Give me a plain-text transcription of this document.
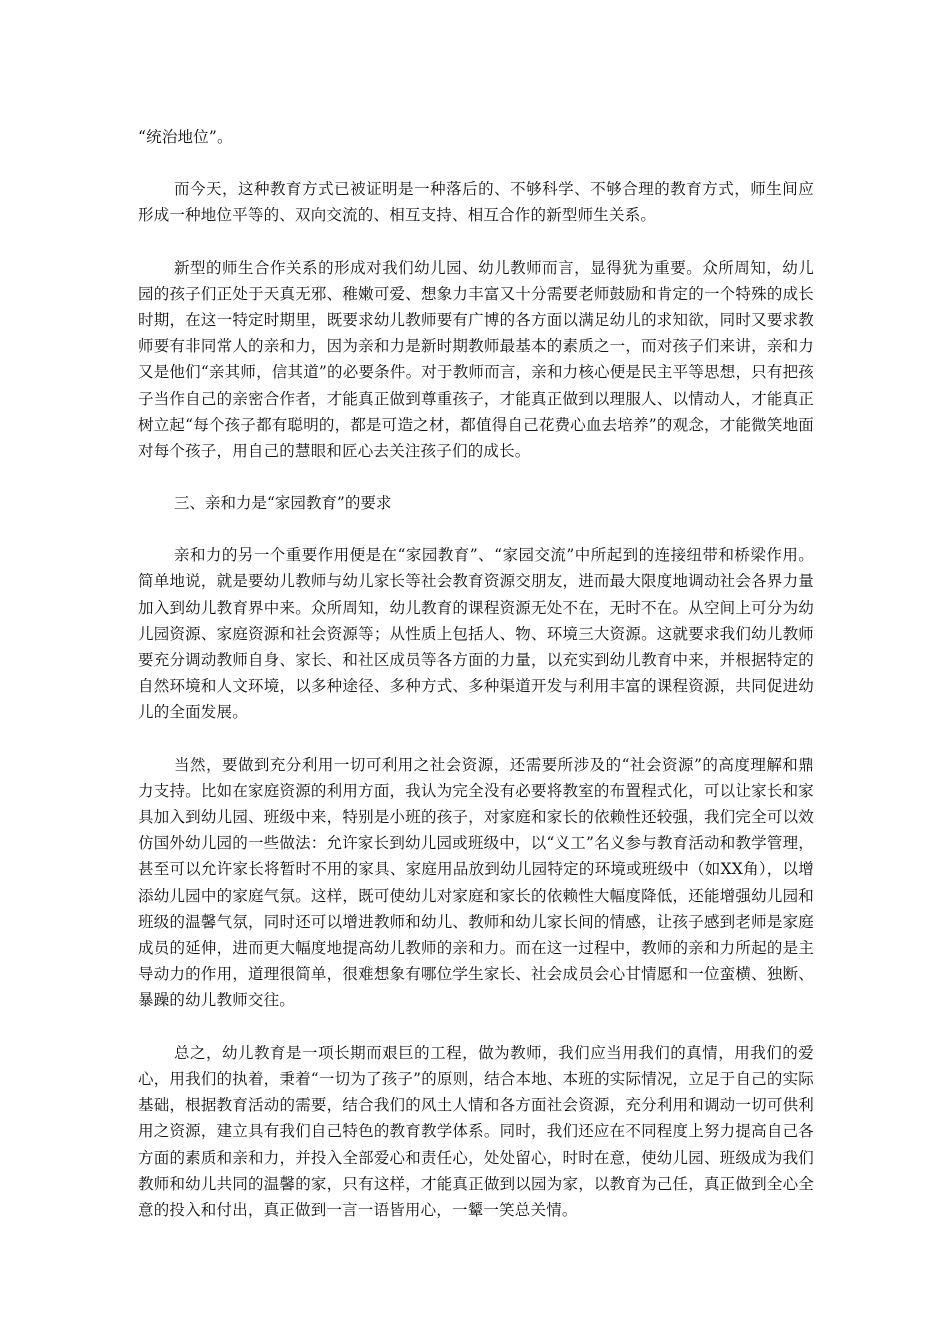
“统治地位”。

而今天，这种教育方式已被证明是一种落后的、不够科学、不够合理的教育方式，师生间应形成一种地位平等的、双向交流的、相互支持、相互合作的新型师生关系。

新型的师生合作关系的形成对我们幼儿园、幼儿教师而言，显得犹为重要。众所周知，幼儿园的孩子们正处于天真无邪、稚嫩可爱、想象力丰富又十分需要老师鼓励和肯定的一个特殊的成长时期，在这一特定时期里，既要求幼儿教师要有广博的各方面以满足幼儿的求知欲，同时又要求教师要有非同常人的亲和力，因为亲和力是新时期教师最基本的素质之一，而对孩子们来讲，亲和力又是他们“亲其师，信其道”的必要条件。对于教师而言，亲和力核心便是民主平等思想，只有把孩子当作自己的亲密合作者，才能真正做到尊重孩子，才能真正做到以理服人、以情动人，才能真正树立起“每个孩子都有聪明的，都是可造之材，都值得自己花费心血去培养”的观念，才能微笑地面对每个孩子，用自己的慧眼和匠心去关注孩子们的成长。

三、亲和力是“家园教育”的要求

亲和力的另一个重要作用便是在“家园教育”、“家园交流”中所起到的连接纽带和桥梁作用。简单地说，就是要幼儿教师与幼儿家长等社会教育资源交朋友，进而最大限度地调动社会各界力量加入到幼儿教育界中来。众所周知，幼儿教育的课程资源无处不在，无时不在。从空间上可分为幼儿园资源、家庭资源和社会资源等；从性质上包括人、物、环境三大资源。这就要求我们幼儿教师要充分调动教师自身、家长、和社区成员等各方面的力量，以充实到幼儿教育中来，并根据特定的自然环境和人文环境，以多种途径、多种方式、多种渠道开发与利用丰富的课程资源，共同促进幼儿的全面发展。

当然，要做到充分利用一切可利用之社会资源，还需要所涉及的“社会资源”的高度理解和鼎力支持。比如在家庭资源的利用方面，我认为完全没有必要将教室的布置程式化，可以让家长和家具加入到幼儿园、班级中来，特别是小班的孩子，对家庭和家长的依赖性还较强，我们完全可以效仿国外幼儿园的一些做法：允许家长到幼儿园或班级中，以“义工”名义参与教育活动和教学管理，甚至可以允许家长将暂时不用的家具、家庭用品放到幼儿园特定的环境或班级中（如XX角），以增添幼儿园中的家庭气氛。这样，既可使幼儿对家庭和家长的依赖性大幅度降低，还能增强幼儿园和班级的温馨气氛，同时还可以增进教师和幼儿、教师和幼儿家长间的情感，让孩子感到老师是家庭成员的延伸，进而更大幅度地提高幼儿教师的亲和力。而在这一过程中，教师的亲和力所起的是主导动力的作用，道理很简单，很难想象有哪位学生家长、社会成员会心甘情愿和一位蛮横、独断、暴躁的幼儿教师交往。

总之，幼儿教育是一项长期而艰巨的工程，做为教师，我们应当用我们的真情，用我们的爱心，用我们的执着，秉着“一切为了孩子”的原则，结合本地、本班的实际情况，立足于自己的实际基础，根据教育活动的需要，结合我们的风土人情和各方面社会资源，充分利用和调动一切可供利用之资源，建立具有我们自己特色的教育教学体系。同时，我们还应在不同程度上努力提高自己各方面的素质和亲和力，并投入全部爱心和责任心，处处留心，时时在意，使幼儿园、班级成为我们教师和幼儿共同的温馨的家，只有这样，才能真正做到以园为家，以教育为己任，真正做到全心全意的投入和付出，真正做到一言一语皆用心，一颦一笑总关情。
